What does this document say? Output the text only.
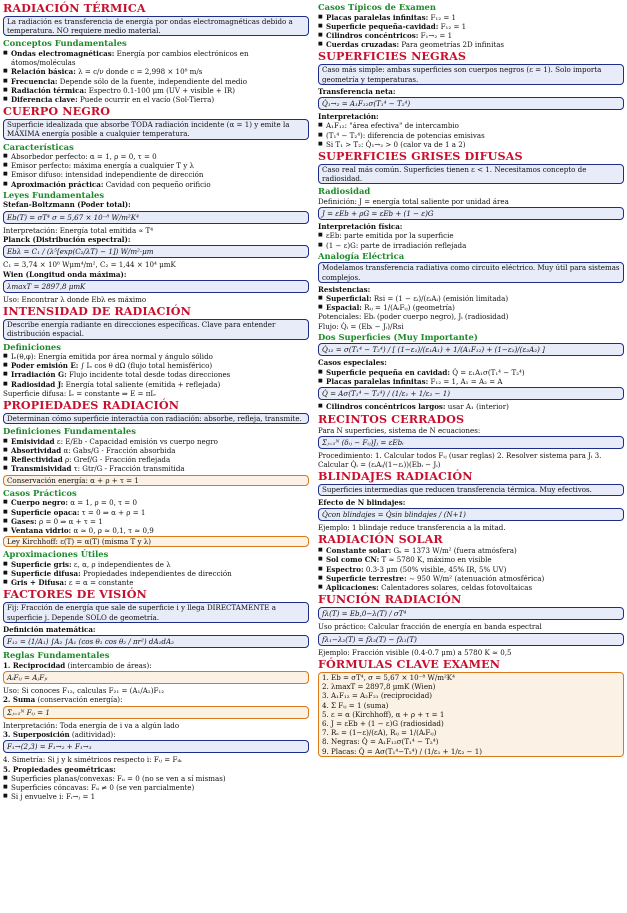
RADIACIÓN TÉRMICA
La radiación es transferencia de energía por ondas electromagnéticas debido a temperatura. NO requiere medio material.
Conceptos Fundamentales
■ Ondas electromagnéticas: Energía por cambios electrónicos en átomos/moléculas
■ Relación básica: λ = c/ν donde c = 2,998 × 10⁸ m/s
■ Frecuencia: Depende sólo de la fuente, independiente del medio
■ Radiación térmica: Espectro 0.1-100 μm (UV + visible + IR)
■ Diferencia clave: Puede ocurrir en el vacío (Sol-Tierra)
CUERPO NEGRO
Superficie idealizada que absorbe TODA radiación incidente (α = 1) y emite la MÁXIMA energía posible a cualquier temperatura.
Características
■ Absorbedor perfecto: α = 1, ρ = 0, τ = 0
■ Emisor perfecto: máxima energía a cualquier T y λ
■ Emisor difuso: intensidad independiente de dirección
■ Aproximación práctica: Cavidad con pequeño orificio
Leyes Fundamentales

Stefan-Boltzmann (Poder total):

Eb(T) = σT⁴ σ = 5,67 × 10⁻⁸ W/m²K⁴

Interpretación: Energía total emitida ∝ T⁴

Planck (Distribución espectral):

Ebλ = C₁ / (λ⁵[exp(C₂/λT) − 1]) W/m²·μm

C₁ = 3,74 × 10⁸ Wμm⁴/m², C₂ = 1,44 × 10⁴ μmK

Wien (Longitud onda máxima):

λmaxT = 2897,8 μmK

Uso: Encontrar λ donde Ebλ es máximo

INTENSIDAD DE RADIACIÓN
Describe energía radiante en direcciones específicas. Clave para entender distribución espacial.
Definiciones
■ Iₑ(θ,φ): Energía emitida por área normal y ángulo sólido
■ Poder emisión E: ∫ Iₑ cos θ dΩ (flujo total hemisférico)
■ Irradiación G: Flujo incidente total desde todas direcciones
■ Radiosidad J: Energía total saliente (emitida + reflejada)

Superficie difusa: Iₑ = constante ⇒ E = πIₑ

PROPIEDADES RADIACIÓN
Determinan cómo superficie interactúa con radiación: absorbe, refleja, transmite.
Definiciones Fundamentales
■ Emisividad ε: E/Eb - Capacidad emisión vs cuerpo negro
■ Absortividad α: Gabs/G - Fracción absorbida
■ Reflectividad ρ: Gref/G - Fracción reflejada
■ Transmisividad τ: Gtr/G - Fracción transmitida
Conservación energía: α + ρ + τ = 1
Casos Prácticos
■ Cuerpo negro: α = 1, ρ = 0, τ = 0
■ Superficie opaca: τ = 0 ⇒ α + ρ = 1
■ Gases: ρ = 0 ⇒ α + τ = 1
■ Ventana vidrio: α ≈ 0, ρ ≈ 0,1, τ ≈ 0,9
Ley Kirchhoff: ε(T) = α(T) (misma T y λ)
Aproximaciones Útiles
■ Superficie gris: ε, α, ρ independientes de λ
■ Superficie difusa: Propiedades independientes de dirección
■ Gris + Difusa: ε = α = constante
FACTORES DE VISIÓN
Fij: Fracción de energía que sale de superficie i y llega DIRECTAMENTE a superficie j. Depende SOLO de geometría.

Definición matemática:

F₁₂ = (1/A₁) ∫A₂ ∫A₁ (cos θ₁ cos θ₂ / πr²) dA₁dA₂
Reglas Fundamentales

1. Reciprocidad (intercambio de áreas):

AᵢFᵢⱼ = AⱼFⱼᵢ

Uso: Si conoces F₁₂, calculas F₂₁ = (A₁/A₂)F₁₂

2. Suma (conservación energía):

Σⱼ₌₁ᴺ Fᵢⱼ = 1

Interpretación: Toda energía de i va a algún lado

3. Superposición (aditividad):

F₁→(2,3) = F₁→₂ + F₁→₃

4. Simetría: Si j y k simétricos respecto i: Fᵢⱼ = Fᵢₖ

5. Propiedades geométricas:

■ Superficies planas/convexas: Fᵢᵢ = 0 (no se ven a sí mismas)
■ Superficies cóncavas: Fᵢᵢ ≠ 0 (se ven parcialmente)
■ Si j envuelve i: Fᵢ→ⱼ = 1
Casos Típicos de Examen
■ Placas paralelas infinitas: F₁₂ = 1
■ Superficie pequeña-cavidad: F₁₂ = 1
■ Cilindros concéntricos: F₁→₂ = 1
■ Cuerdas cruzadas: Para geometrías 2D infinitas
SUPERFICIES NEGRAS
Caso más simple: ambas superficies son cuerpos negros (ε = 1). Solo importa geometría y temperaturas.

Transferencia neta:

Q̇₁→₂ = A₁F₁₂σ(T₁⁴ − T₂⁴)

Interpretación:

■ A₁F₁₂: "área efectiva" de intercambio
■ (T₁⁴ − T₂⁴): diferencia de potencias emisivas
■ Si T₁ > T₂: Q̇₁→₂ > 0 (calor va de 1 a 2)
SUPERFICIES GRISES DIFUSAS
Caso real más común. Superficies tienen ε < 1. Necesitamos concepto de radiosidad.
Radiosidad

Definición: J = energía total saliente por unidad área

J = εEb + ρG = εEb + (1 − ε)G

Interpretación física:

■ εEb: parte emitida por la superficie
■ (1 − ε)G: parte de irradiación reflejada
Analogía Eléctrica
Modelamos transferencia radiativa como circuito eléctrico. Muy útil para sistemas complejos.

Resistencias:

■ Superficial: Rsi = (1 − εᵢ)/(εᵢAᵢ) (emisión limitada)
■ Espacial: Rᵢⱼ = 1/(AᵢFᵢⱼ) (geometría)

Potenciales: Ebᵢ (poder cuerpo negro), Jᵢ (radiosidad)

Flujo: Q̇ᵢ = (Ebᵢ − Jᵢ)/Rsi

Dos Superficies (Muy Importante)
Q̇₁₂ = σ(T₁⁴ − T₂⁴) / [ (1−ε₁)/(ε₁A₁) + 1/(A₁F₁₂) + (1−ε₂)/(ε₂A₂) ]

Casos especiales:

■ Superficie pequeña en cavidad: Q̇ = ε₁A₁σ(T₁⁴ − T₂⁴)
■ Placas paralelas infinitas: F₁₂ = 1, A₁ = A₂ = A
Q̇ = Aσ(T₁⁴ − T₂⁴) / (1/ε₁ + 1/ε₂ − 1)
■ Cilindros concéntricos largos: usar A₁ (interior)
RECINTOS CERRADOS

Para N superficies, sistema de N ecuaciones:

Σⱼ₌₁ᴺ (δᵢⱼ − Fᵢⱼ)Jⱼ = εEbᵢ

Procedimiento: 1. Calcular todos Fᵢⱼ (usar reglas) 2. Resolver sistema para Jᵢ 3. Calcular Q̇ᵢ = (εᵢAᵢ/(1−εᵢ))(Ebᵢ − Jᵢ)

BLINDAJES RADIACIÓN
Superficies intermedias que reducen transferencia térmica. Muy efectivos.

Efecto de N blindajes:

Q̇con blindajes = Q̇sin blindajes / (N+1)

Ejemplo: 1 blindaje reduce transferencia a la mitad.

RADIACIÓN SOLAR
■ Constante solar: Gₛ = 1373 W/m² (fuera atmósfera)
■ Sol como CN: T ≈ 5780 K, máximo en visible
■ Espectro: 0.3-3 μm (50% visible, 45% IR, 5% UV)
■ Superficie terrestre: ∼ 950 W/m² (atenuación atmosférica)
■ Aplicaciones: Calentadores solares, celdas fotovoltaicas
FUNCIÓN RADIACIÓN
fλ(T) = Eb,0−λ(T) / σT⁴

Uso práctico: Calcular fracción de energía en banda espectral

fλ₁−λ₂(T) = fλ₂(T) − fλ₁(T)

Ejemplo: Fracción visible (0.4-0.7 μm) a 5780 K ≈ 0,5

FÓRMULAS CLAVE EXAMEN

1. Eb = σT⁴, σ = 5,67 × 10⁻⁸ W/m²K⁴

2. λmaxT = 2897,8 μmK (Wien)

3. A₁F₁₂ = A₂F₂₁ (reciprocidad)

4. Σ Fᵢⱼ = 1 (suma)

5. ε = α (Kirchhoff), α + ρ + τ = 1

6. J = εEb + (1 − ε)G (radiosidad)

7. Rₛ = (1−ε)/(εA), Rᵢⱼ = 1/(AᵢFᵢⱼ)

8. Negras: Q̇ = A₁F₁₂σ(T₁⁴ − T₂⁴)

9. Placas: Q̇ = Aσ(T₁⁴−T₂⁴) / (1/ε₁ + 1/ε₂ − 1)
